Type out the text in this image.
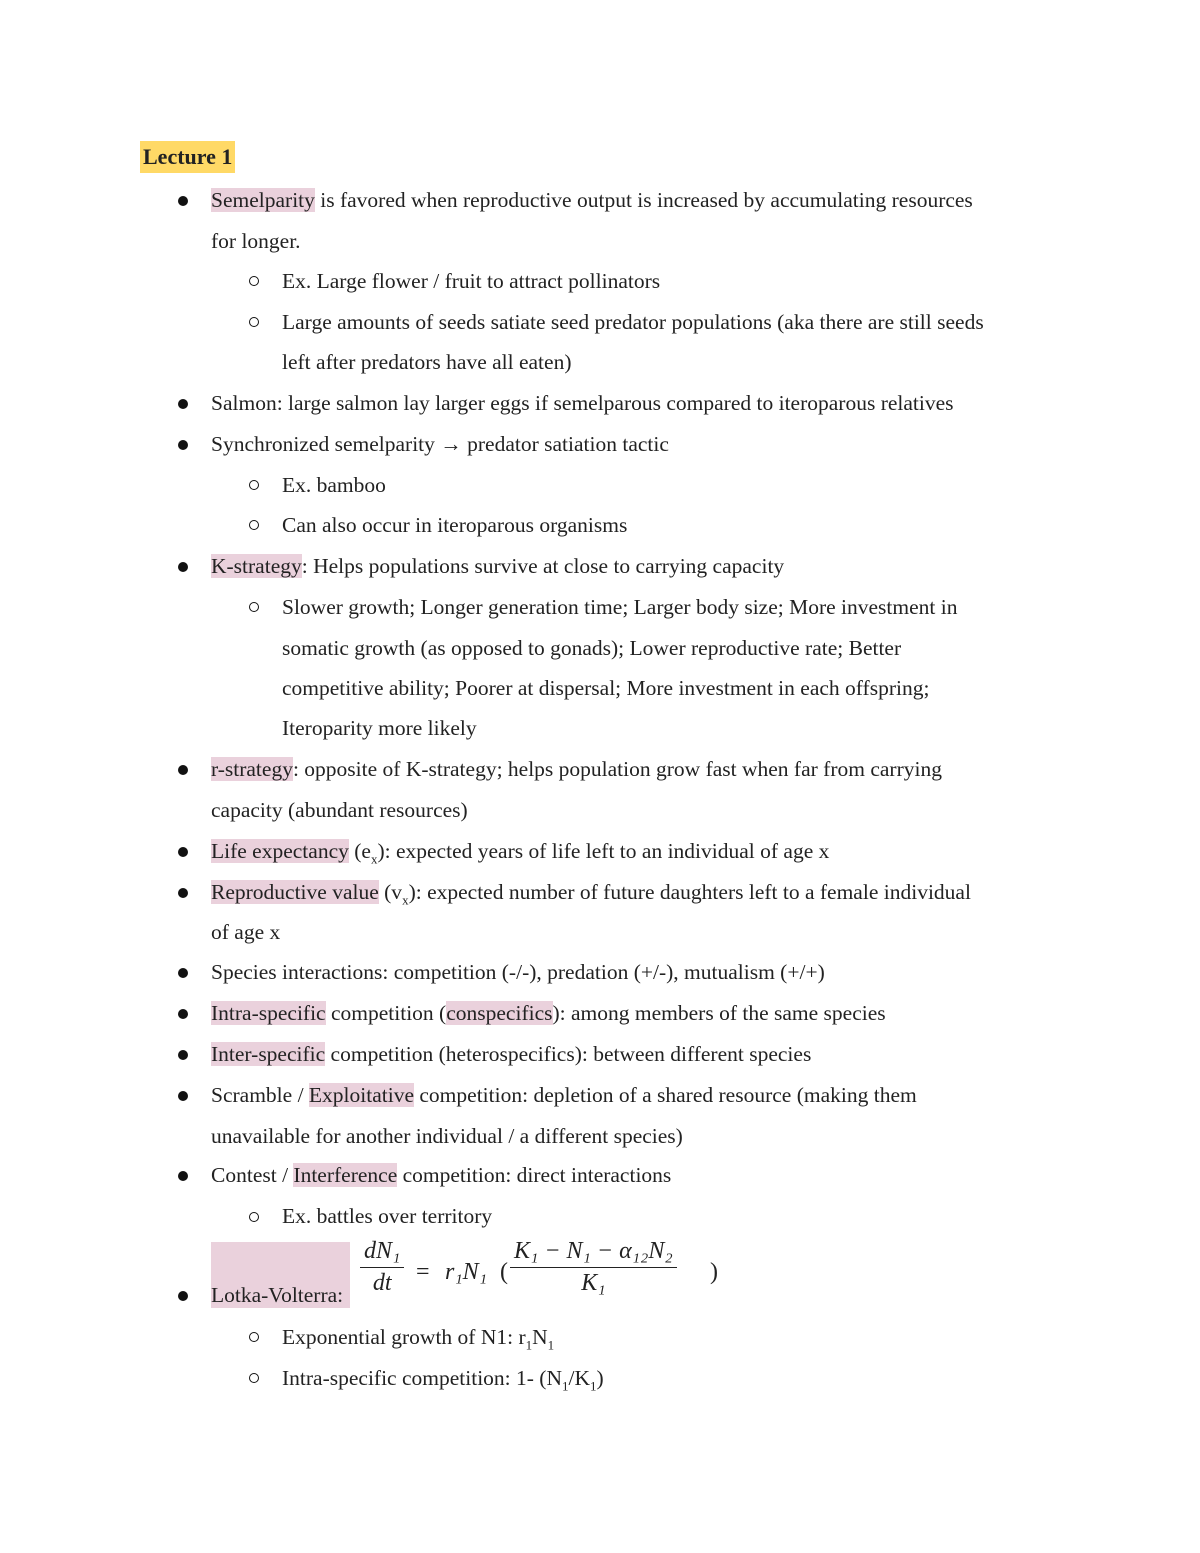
Lecture 1
Semelparity is favored when reproductive output is increased by accumulating resources
for longer.
Ex. Large flower / fruit to attract pollinators
Large amounts of seeds satiate seed predator populations (aka there are still seeds
left after predators have all eaten)
Salmon: large salmon lay larger eggs if semelparous compared to iteroparous relatives
Synchronized semelparity → predator satiation tactic
Ex. bamboo
Can also occur in iteroparous organisms
K-strategy: Helps populations survive at close to carrying capacity
Slower growth; Longer generation time; Larger body size; More investment in
somatic growth (as opposed to gonads); Lower reproductive rate; Better
competitive ability; Poorer at dispersal; More investment in each offspring;
Iteroparity more likely
r-strategy: opposite of K-strategy; helps population grow fast when far from carrying
capacity (abundant resources)
Life expectancy $(e_x)$: expected years of life left to an individual of age x
Reproductive value $(v_x)$: expected number of future daughters left to a female individual
of age x
Species interactions: competition (-/-), predation (+/-), mutualism (+/+)
Intra-specific competition (conspecifics): among members of the same species
Inter-specific competition (heterospecifics): between different species
Scramble / Exploitative competition: depletion of a shared resource (making them
unavailable for another individual / a different species)
Contest / Interference competition: direct interactions
Ex. battles over territory
Lotka-Volterra:
dN₁
dt = r₁N₁ (
K₁ − N₁ − α₁₂N₂
K₁	)
Exponential growth of N1: $r_1N_1$
Intra-specific competition: 1- $(N_1/K_1)$
